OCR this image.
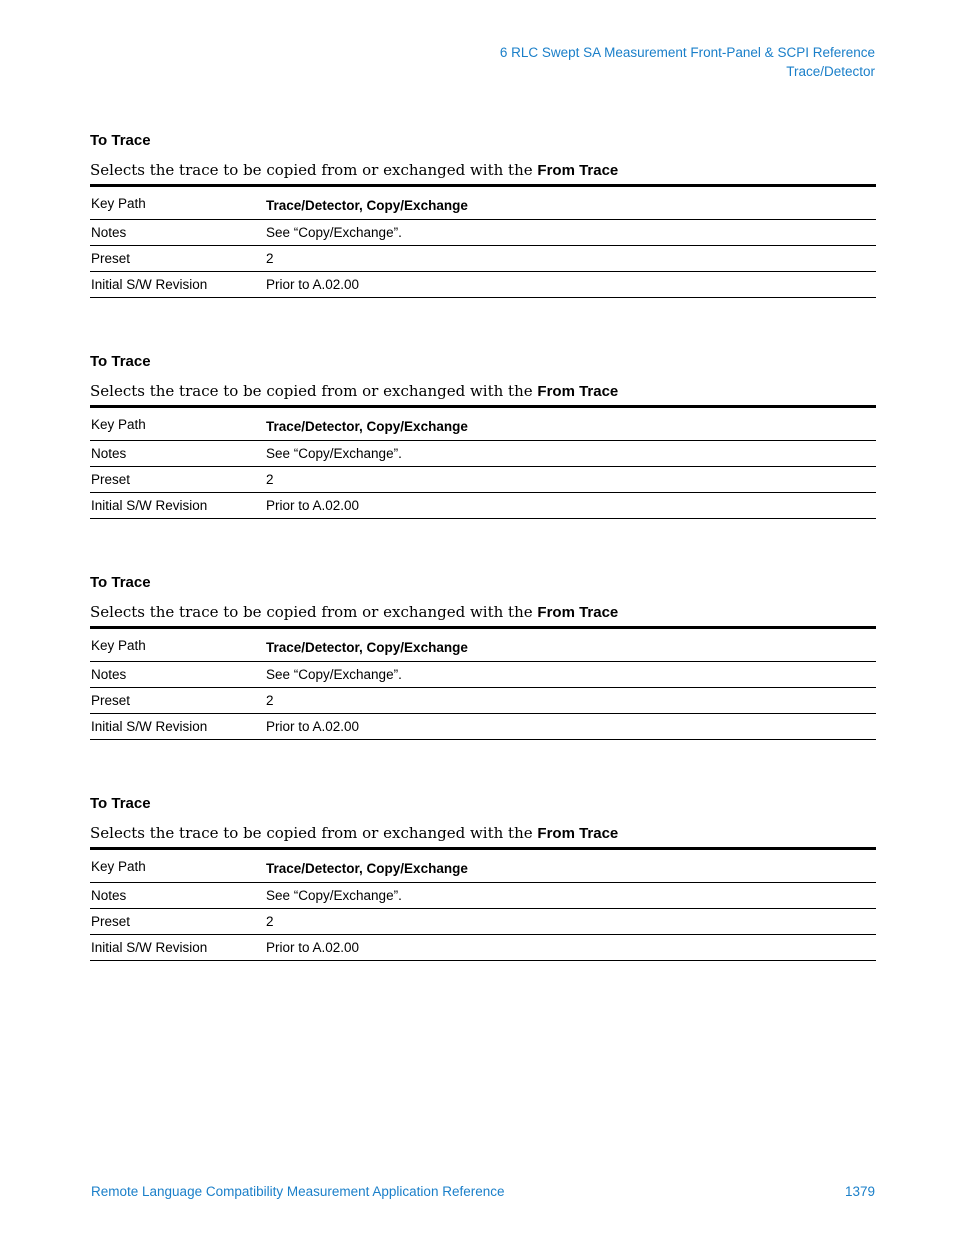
6 RLC Swept SA Measurement Front-Panel & SCPI Reference
Trace/Detector
To Trace
Selects the trace to be copied from or exchanged with the From Trace
Key Path	Trace/Detector, Copy/Exchange
Notes	See “Copy/Exchange”.
Preset	2
Initial S/W Revision	Prior to A.02.00
To Trace
Selects the trace to be copied from or exchanged with the From Trace
Key Path	Trace/Detector, Copy/Exchange
Notes	See “Copy/Exchange”.
Preset	2
Initial S/W Revision	Prior to A.02.00
To Trace
Selects the trace to be copied from or exchanged with the From Trace
Key Path	Trace/Detector, Copy/Exchange
Notes	See “Copy/Exchange”.
Preset	2
Initial S/W Revision	Prior to A.02.00
To Trace
Selects the trace to be copied from or exchanged with the From Trace
Key Path	Trace/Detector, Copy/Exchange
Notes	See “Copy/Exchange”.
Preset	2
Initial S/W Revision	Prior to A.02.00
Remote Language Compatibility Measurement Application Reference	1379
